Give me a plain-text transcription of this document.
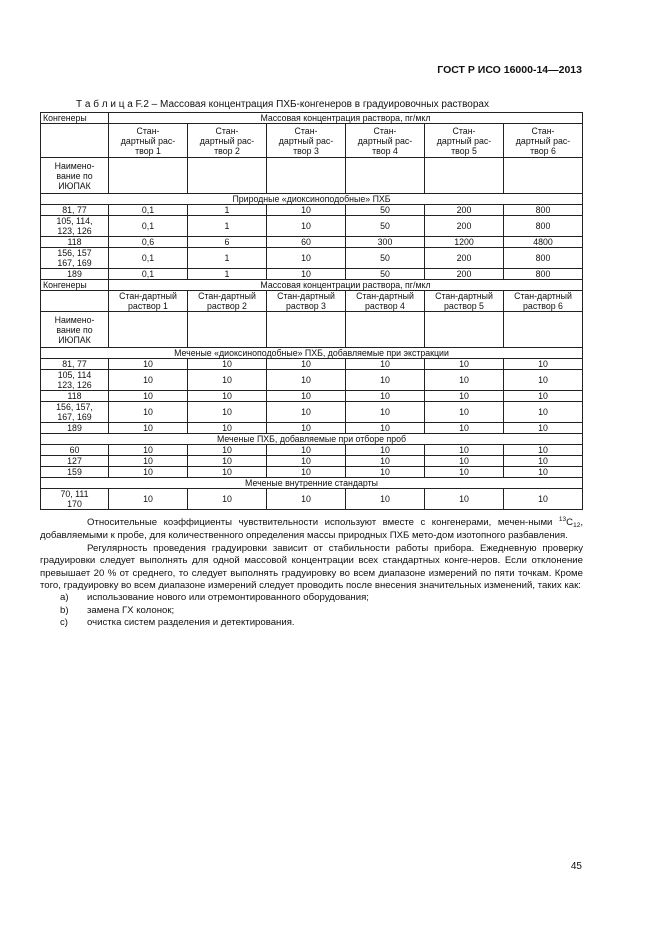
ГОСТ Р ИСО 16000-14—2013
Т а б л и ц а F.2 – Массовая концентрация ПХБ-конгенеров в градуировочных растворах
Конгенеры	Массовая концентрация раствора, пг/мкл					
	Стан-
дартный рас-
твор 1	Стан-
дартный рас-
твор 2	Стан-
дартный рас-
твор 3	Стан-
дартный рас-
твор 4	Стан-
дартный рас-
твор 5	Стан-
дартный рас-
твор 6
Наимено-
вание по
ИЮПАК						
Природные «диоксиноподобные» ПХБ						
81, 77	0,1	1	10	50	200	800
105, 114,
123, 126	0,1	1	10	50	200	800
118	0,6	6	60	300	1200	4800
156, 157
167, 169	0,1	1	10	50	200	800
189	0,1	1	10	50	200	800
Конгенеры	Массовая концентрации раствора, пг/мкл					
	Стан-дартный
раствор 1	Стан-дартный
раствор 2	Стан-дартный
раствор 3	Стан-дартный
раствор 4	Стан-дартный
раствор 5	Стан-дартный
раствор 6
Наимено-
вание по
ИЮПАК						
Меченые «диоксиноподобные» ПХБ, добавляемые при экстракции						
81, 77	10	10	10	10	10	10
105, 114
123, 126	10	10	10	10	10	10
118	10	10	10	10	10	10
156, 157,
167, 169	10	10	10	10	10	10
189	10	10	10	10	10	10
Меченые ПХБ, добавляемые при отборе проб						
60	10	10	10	10	10	10
127	10	10	10	10	10	10
159	10	10	10	10	10	10
Меченые внутренние стандарты						
70, 111
170	10	10	10	10	10	10

Относительные коэффициенты чувствительности используют вместе с конгенерами, мечен-ными $^{13}С_{12}$, добавляемыми к пробе, для количественного определения массы природных ПХБ мето-дом изотопного разбавления.

Регулярность проведения градуировки зависит от стабильности работы прибора. Ежедневную проверку градуировки следует выполнять для одной массовой концентрации всех стандартных конге-неров. Если отклонение превышает 20 % от среднего, то следует выполнять градуировку во всем диапазоне измерений по пяти точкам. Кроме того, градуировку во всем диапазоне измерений следует проводить после внесения значительных изменений, таких как:

a)	использование нового или отремонтированного оборудования;
b)	замена ГХ колонок;
c)	очистка систем разделения и детектирования.
45
